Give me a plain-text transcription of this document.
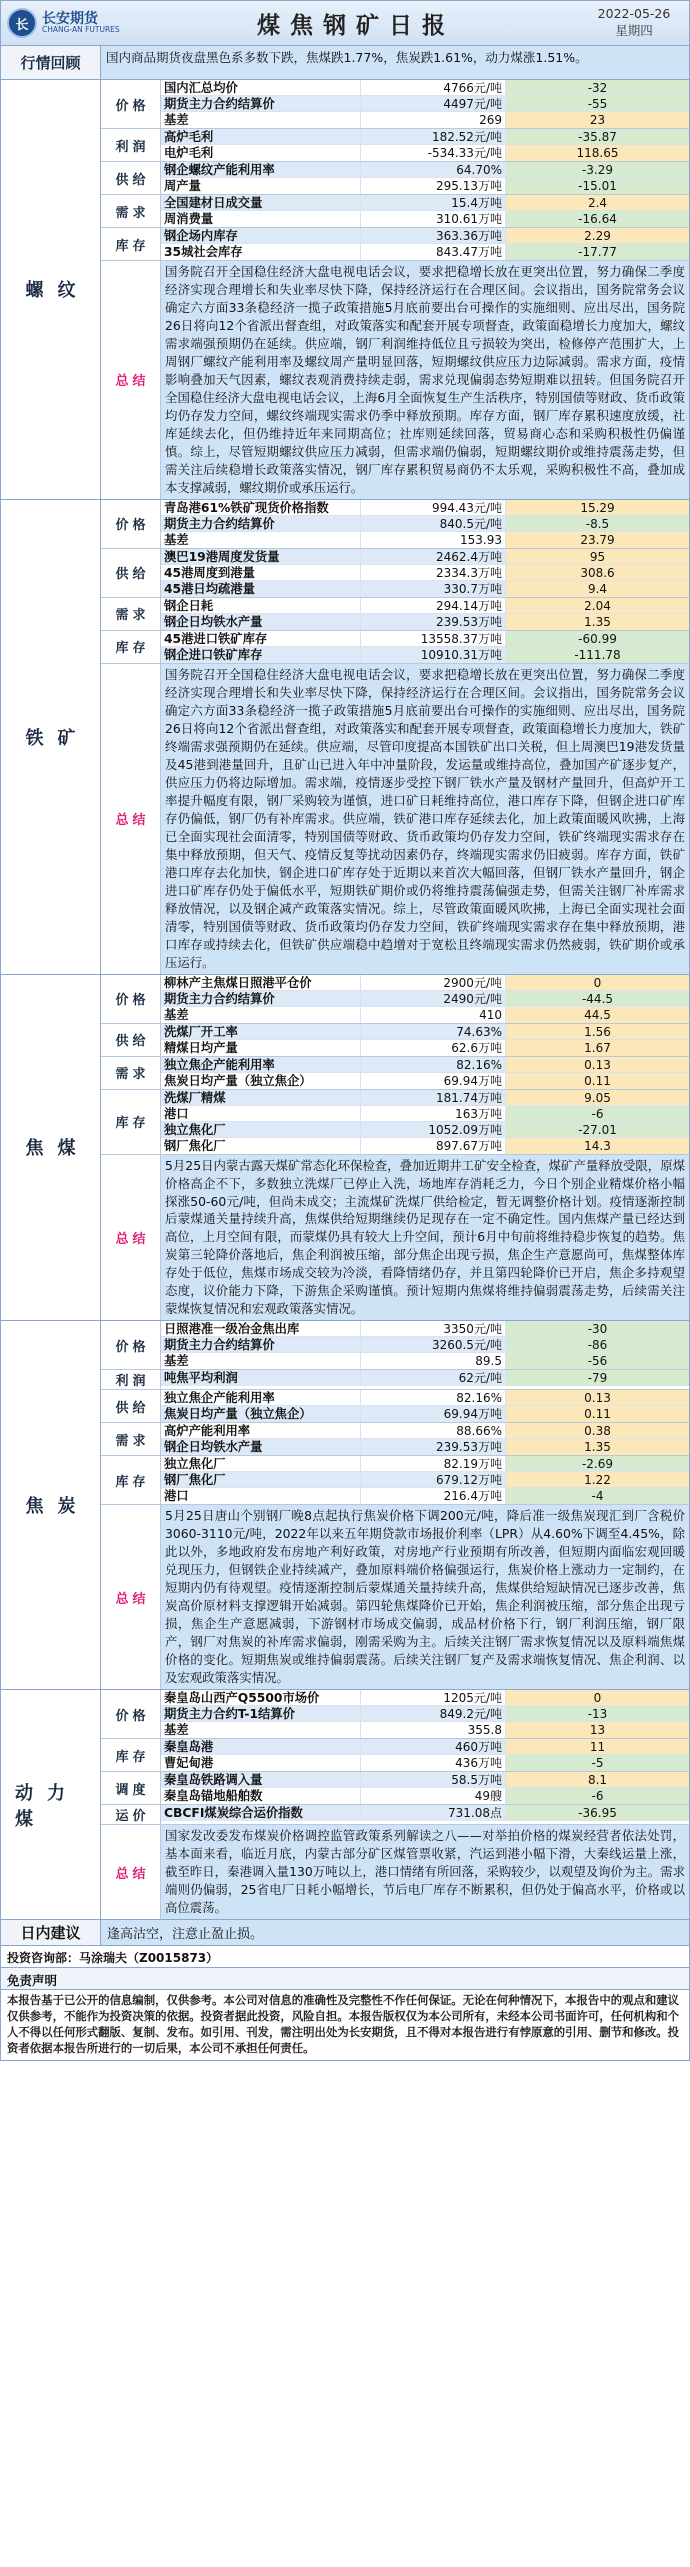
长 长安期货
CHANG-AN FUTURES	煤焦钢矿日报	2022-05-26
星期四
行情回顾	国内商品期货夜盘黑色系多数下跌，焦煤跌1.77%，焦炭跌1.61%，动力煤涨1.51%。
螺纹
价格
国内汇总均价	4766元/吨	-32
期货主力合约结算价	4497元/吨	-55
基差	269	23
利润
高炉毛利	182.52元/吨	-35.87
电炉毛利	-534.33元/吨	118.65
供给
钢企螺纹产能利用率	64.70%	-3.29
周产量	295.13万吨	-15.01
需求
全国建材日成交量	15.4万吨	2.4
周消费量	310.61万吨	-16.64
库存
钢企场内库存	363.36万吨	2.29
35城社会库存	843.47万吨	-17.77
总结
国务院召开全国稳住经济大盘电视电话会议，要求把稳增长放在更突出位置，努力确保二季度经济实现合理增长和失业率尽快下降，保持经济运行在合理区间。会议指出，国务院常务会议确定六方面33条稳经济一揽子政策措施5月底前要出台可操作的实施细则、应出尽出，国务院26日将向12个省派出督查组，对政策落实和配套开展专项督查，政策面稳增长力度加大，螺纹需求端强预期仍在延续。供应端，钢厂利润维持低位且亏损较为突出，检修停产范围扩大，上周钢厂螺纹产能利用率及螺纹周产量明显回落，短期螺纹供应压力边际减弱。需求方面，疫情影响叠加天气因素，螺纹表观消费持续走弱，需求兑现偏弱态势短期难以扭转。但国务院召开全国稳住经济大盘电视电话会议，上海6月全面恢复生产生活秩序，特别国债等财政、货币政策均仍存发力空间，螺纹终端现实需求仍季中释放预期。库存方面，钢厂库存累积速度放缓，社库延续去化，但仍维持近年来同期高位；社库则延续回落，贸易商心态和采购积极性仍偏谨慎。综上，尽管短期螺纹供应压力减弱，但需求端仍偏弱，短期螺纹期价或维持震荡走势，但需关注后续稳增长政策落实情况，钢厂库存累积贸易商仍不太乐观，采购积极性不高，叠加成本支撑减弱，螺纹期价或承压运行。
铁矿
价格
青岛港61%铁矿现货价格指数	994.43元/吨	15.29
期货主力合约结算价	840.5元/吨	-8.5
基差	153.93	23.79
供给
澳巴19港周度发货量	2462.4万吨	95
45港周度到港量	2334.3万吨	308.6
45港日均疏港量	330.7万吨	9.4
需求
钢企日耗	294.14万吨	2.04
钢企日均铁水产量	239.53万吨	1.35
库存
45港进口铁矿库存	13558.37万吨	-60.99
钢企进口铁矿库存	10910.31万吨	-111.78
总结
国务院召开全国稳住经济大盘电视电话会议，要求把稳增长放在更突出位置，努力确保二季度经济实现合理增长和失业率尽快下降，保持经济运行在合理区间。会议指出，国务院常务会议确定六方面33条稳经济一揽子政策措施5月底前要出台可操作的实施细则、应出尽出，国务院26日将向12个省派出督查组，对政策落实和配套开展专项督查，政策面稳增长力度加大，铁矿终端需求强预期仍在延续。供应端，尽管印度提高本国铁矿出口关税，但上周澳巴19港发货量及45港到港量回升，且矿山已进入年中冲量阶段，发运量或维持高位，叠加国产矿逐步复产，供应压力仍将边际增加。需求端，疫情逐步受控下钢厂铁水产量及钢材产量回升，但高炉开工率提升幅度有限，钢厂采购较为谨慎，进口矿日耗维持高位，港口库存下降，但钢企进口矿库存仍偏低，钢厂仍有补库需求。供应端，铁矿港口库存延续去化，加上政策面暖风吹拂，上海已全面实现社会面清零，特别国债等财政、货币政策均仍存发力空间，铁矿终端现实需求存在集中释放预期，但天气、疫情反复等扰动因素仍存，终端现实需求仍旧疲弱。库存方面，铁矿港口库存去化加快，钢企进口矿库存处于近期以来首次大幅回落，但钢厂铁水产量回升，钢企进口矿库存仍处于偏低水平，短期铁矿期价或仍将维持震荡偏强走势，但需关注钢厂补库需求释放情况，以及钢企减产政策落实情况。综上，尽管政策面暖风吹拂，上海已全面实现社会面清零，特别国债等财政、货币政策均仍存发力空间，铁矿终端现实需求存在集中释放预期，港口库存或持续去化，但铁矿供应端稳中趋增对于宽松且终端现实需求仍然疲弱，铁矿期价或承压运行。
焦煤
价格
柳林产主焦煤日照港平仓价	2900元/吨	0
期货主力合约结算价	2490元/吨	-44.5
基差	410	44.5
供给
洗煤厂开工率	74.63%	1.56
精煤日均产量	62.6万吨	1.67
需求
独立焦企产能利用率	82.16%	0.13
焦炭日均产量（独立焦企）	69.94万吨	0.11
库存
洗煤厂精煤	181.74万吨	9.05
港口	163万吨	-6
独立焦化厂	1052.09万吨	-27.01
钢厂焦化厂	897.67万吨	14.3
总结
5月25日内蒙古露天煤矿常态化环保检查，叠加近期井工矿安全检查，煤矿产量释放受限，原煤价格高企不下，多数独立洗煤厂已停止入洗，场地库存消耗乏力，今日个别企业精煤价格小幅探涨50-60元/吨，但尚未成交；主流煤矿洗煤厂供给检定，暂无调整价格计划。疫情逐渐控制后蒙煤通关量持续升高，焦煤供给短期继续仍足现存在一定不确定性。国内焦煤产量已经达到高位，上月空间有限，而蒙煤仍具有较大上升空间，预计6月中旬前将维持稳步恢复的趋势。焦炭第三轮降价落地后，焦企利润被压缩，部分焦企出现亏损，焦企生产意愿尚可，焦煤整体库存处于低位，焦煤市场成交较为冷淡，看降情绪仍存，并且第四轮降价已开启，焦企多持观望态度，议价能力下降，下游焦企采购谨慎。预计短期内焦煤将维持偏弱震荡走势，后续需关注蒙煤恢复情况和宏观政策落实情况。
焦炭
价格
日照港准一级冶金焦出库	3350元/吨	-30
期货主力合约结算价	3260.5元/吨	-86
基差	89.5	-56
利润	吨焦平均利润	62元/吨	-79
供给
独立焦企产能利用率	82.16%	0.13
焦炭日均产量（独立焦企）	69.94万吨	0.11
需求
高炉产能利用率	88.66%	0.38
钢企日均铁水产量	239.53万吨	1.35
库存
独立焦化厂	82.19万吨	-2.69
钢厂焦化厂	679.12万吨	1.22
港口	216.4万吨	-4
总结
5月25日唐山个别钢厂晚8点起执行焦炭价格下调200元/吨，降后准一级焦炭现汇到厂含税价3060-3110元/吨，2022年以来五年期贷款市场报价利率（LPR）从4.60%下调至4.45%，除此以外，多地政府发布房地产利好政策，对房地产行业预期有所改善，但短期内面临宏观回暖兑现压力，但钢铁企业持续减产，叠加原料端价格偏强运行，焦炭价格上涨动力一定制约，在短期内仍有待观望。疫情逐渐控制后蒙煤通关量持续升高，焦煤供给短缺情况已逐步改善，焦炭高价原材料支撑逻辑开始减弱。第四轮焦煤降价已开始，焦企利润被压缩，部分焦企出现亏损，焦企生产意愿减弱，下游钢材市场成交偏弱，成品材价格下行，钢厂利润压缩，钢厂限产，钢厂对焦炭的补库需求偏弱，刚需采购为主。后续关注钢厂需求恢复情况以及原料端焦煤价格的变化。短期焦炭或维持偏弱震荡。后续关注钢厂复产及需求端恢复情况、焦企利润、以及宏观政策落实情况。
动力煤
价格
秦皇岛山西产Q5500市场价	1205元/吨	0
期货主力合约T-1结算价	849.2元/吨	-13
基差	355.8	13
库存
秦皇岛港	460万吨	11
曹妃甸港	436万吨	-5
调度
秦皇岛铁路调入量	58.5万吨	8.1
秦皇岛锚地船舶数	49艘	-6
运价	CBCFI煤炭综合运价指数	731.08点	-36.95
总结
国家发改委发布煤炭价格调控监管政策系列解读之八——对举拍价格的煤炭经营者依法处罚，基本面来看，临近月底，内蒙古部分矿区煤管票收紧，汽运到港小幅下滑，大秦线运量上涨，截至昨日，秦港调入量130万吨以上，港口情绪有所回落，采购较少，以观望及询价为主。需求端则仍偏弱，25省电厂日耗小幅增长，节后电厂库存不断累积，但仍处于偏高水平，价格或以高位震荡。
日内建议	逢高沽空，注意止盈止损。
投资咨询部：马涂瑞夫（Z0015873）
免责声明
本报告基于已公开的信息编制，仅供参考。本公司对信息的准确性及完整性不作任何保证。无论在何种情况下，本报告中的观点和建议仅供参考，不能作为投资决策的依据。投资者据此投资，风险自担。本报告版权仅为本公司所有，未经本公司书面许可，任何机构和个人不得以任何形式翻版、复制、发布。如引用、刊发，需注明出处为长安期货，且不得对本报告进行有悖原意的引用、删节和修改。投资者依据本报告所进行的一切后果，本公司不承担任何责任。
